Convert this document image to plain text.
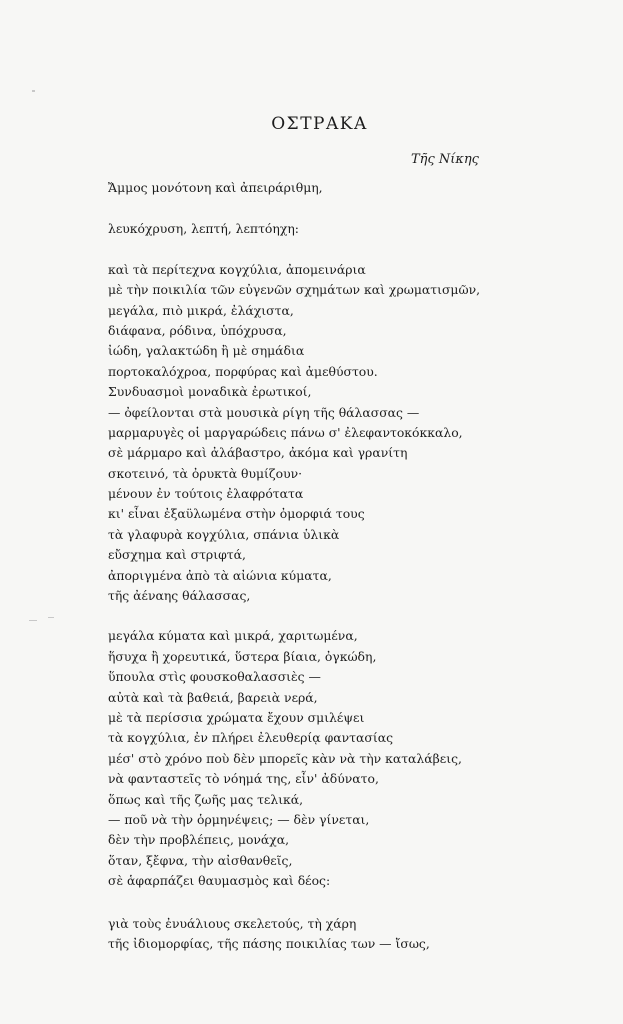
ΟΣΤΡΑΚΑ
Τῆς Νίκης
Ἄμμος μονότονη καὶ ἀπειράριθμη,
λευκόχρυση, λεπτή, λεπτόηχη:
καὶ τὰ περίτεχνα κογχύλια, ἀπομεινάρια
μὲ τὴν ποικιλία τῶν εὐγενῶν σχημάτων καὶ χρωματισμῶν,
μεγάλα, πιὸ μικρά, ἐλάχιστα,
διάφανα, ρόδινα, ὑπόχρυσα,
ἰώδη, γαλακτώδη ἢ μὲ σημάδια
πορτοκαλόχροα, πορφύρας καὶ ἀμεθύστου.
Συνδυασμοὶ μοναδικὰ ἐρωτικοί,
— ὀφείλονται στὰ μουσικὰ ρίγη τῆς θάλασσας —
μαρμαρυγὲς οἱ μαργαρώδεις πάνω σ' ἐλεφαντοκόκκαλο,
σὲ μάρμαρο καὶ ἀλάβαστρο, ἀκόμα καὶ γρανίτη
σκοτεινό, τὰ ὀρυκτὰ θυμίζουν·
μένουν ἐν τούτοις ἐλαφρότατα
κι' εἶναι ἐξαϋλωμένα στὴν ὀμορφιά τους
τὰ γλαφυρὰ κογχύλια, σπάνια ὑλικὰ
εὔσχημα καὶ στριφτά,
ἀποριγμένα ἀπὸ τὰ αἰώνια κύματα,
τῆς ἀέναης θάλασσας,
μεγάλα κύματα καὶ μικρά, χαριτωμένα,
ἥσυχα ἢ χορευτικά, ὕστερα βίαια, ὀγκώδη,
ὕπουλα στὶς φουσκοθαλασσιὲς —
αὐτὰ καὶ τὰ βαθειά, βαρειὰ νερά,
μὲ τὰ περίσσια χρώματα ἔχουν σμιλέψει
τὰ κογχύλια, ἐν πλήρει ἐλευθερίᾳ φαντασίας
μέσ' στὸ χρόνο ποὺ δὲν μπορεῖς κὰν νὰ τὴν καταλάβεις,
νὰ φανταστεῖς τὸ νόημά της, εἶν' ἀδύνατο,
ὅπως καὶ τῆς ζωῆς μας τελικά,
— ποῦ νὰ τὴν ὁρμηνέψεις; — δὲν γίνεται,
δὲν τὴν προβλέπεις, μονάχα,
ὅταν, ξἔφνα, τὴν αἰσθανθεῖς,
σὲ ἁφαρπάζει θαυμασμὸς καὶ δέος:
γιὰ τοὺς ἐνυάλιους σκελετούς, τὴ χάρη
τῆς ἰδιομορφίας, τῆς πάσης ποικιλίας των — ἴσως,
